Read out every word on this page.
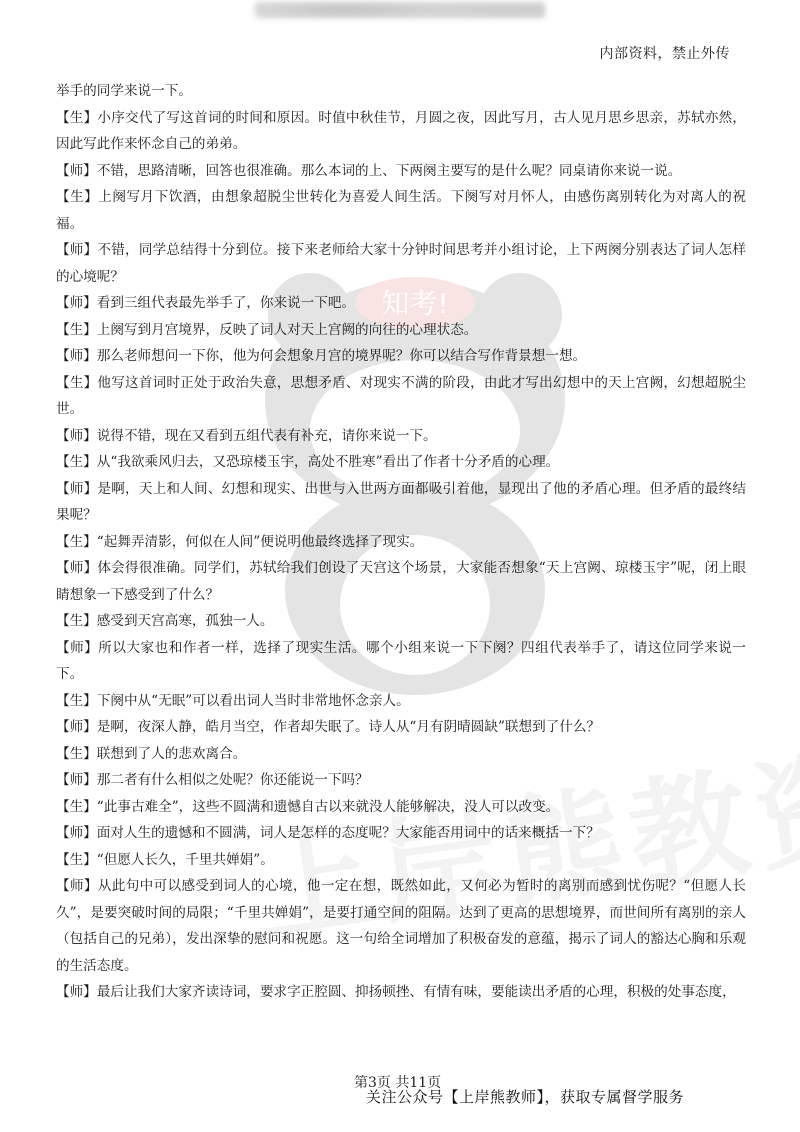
内部资料，禁止外传
知考!

举手的同学来说一下。

【生】小序交代了写这首词的时间和原因。时值中秋佳节，月圆之夜，因此写月，古人见月思乡思亲，苏轼亦然，因此写此作来怀念自己的弟弟。

【师】不错，思路清晰，回答也很准确。那么本词的上、下两阕主要写的是什么呢？同桌请你来说一说。

【生】上阕写月下饮酒，由想象超脱尘世转化为喜爱人间生活。下阕写对月怀人，由感伤离别转化为对离人的祝福。

【师】不错，同学总结得十分到位。接下来老师给大家十分钟时间思考并小组讨论，上下两阕分别表达了词人怎样的心境呢？

【师】看到三组代表最先举手了，你来说一下吧。

【生】上阕写到月宫境界，反映了词人对天上宫阙的向往的心理状态。

【师】那么老师想问一下你，他为何会想象月宫的境界呢？你可以结合写作背景想一想。

【生】他写这首词时正处于政治失意，思想矛盾、对现实不满的阶段，由此才写出幻想中的天上宫阙，幻想超脱尘世。

【师】说得不错，现在又看到五组代表有补充，请你来说一下。

【生】从“我欲乘风归去，又恐琼楼玉宇，高处不胜寒”看出了作者十分矛盾的心理。

【师】是啊，天上和人间、幻想和现实、出世与入世两方面都吸引着他，显现出了他的矛盾心理。但矛盾的最终结果呢？

【生】“起舞弄清影，何似在人间”便说明他最终选择了现实。

【师】体会得很准确。同学们，苏轼给我们创设了天宫这个场景，大家能否想象“天上宫阙、琼楼玉宇”呢，闭上眼睛想象一下感受到了什么？

【生】感受到天宫高寒，孤独一人。

【师】所以大家也和作者一样，选择了现实生活。哪个小组来说一下下阕？四组代表举手了，请这位同学来说一下。

【生】下阕中从“无眠”可以看出词人当时非常地怀念亲人。

【师】是啊，夜深人静，皓月当空，作者却失眠了。诗人从“月有阴晴圆缺”联想到了什么？

【生】联想到了人的悲欢离合。

【师】那二者有什么相似之处呢？你还能说一下吗？

【生】“此事古难全”，这些不圆满和遗憾自古以来就没人能够解决，没人可以改变。

【师】面对人生的遗憾和不圆满，词人是怎样的态度呢？大家能否用词中的话来概括一下？

【生】“但愿人长久，千里共婵娟”。

【师】从此句中可以感受到词人的心境，他一定在想，既然如此，又何必为暂时的离别而感到忧伤呢？“但愿人长久”，是要突破时间的局限；“千里共婵娟”，是要打通空间的阻隔。达到了更高的思想境界，而世间所有离别的亲人（包括自己的兄弟），发出深挚的慰问和祝愿。这一句给全词增加了积极奋发的意蕴，揭示了词人的豁达心胸和乐观的生活态度。

【师】最后让我们大家齐读诗词，要求字正腔圆、抑扬顿挫、有情有味，要能读出矛盾的心理，积极的处事态度，

第3页 共11页
关注公众号【上岸熊教师】，获取专属督学服务
